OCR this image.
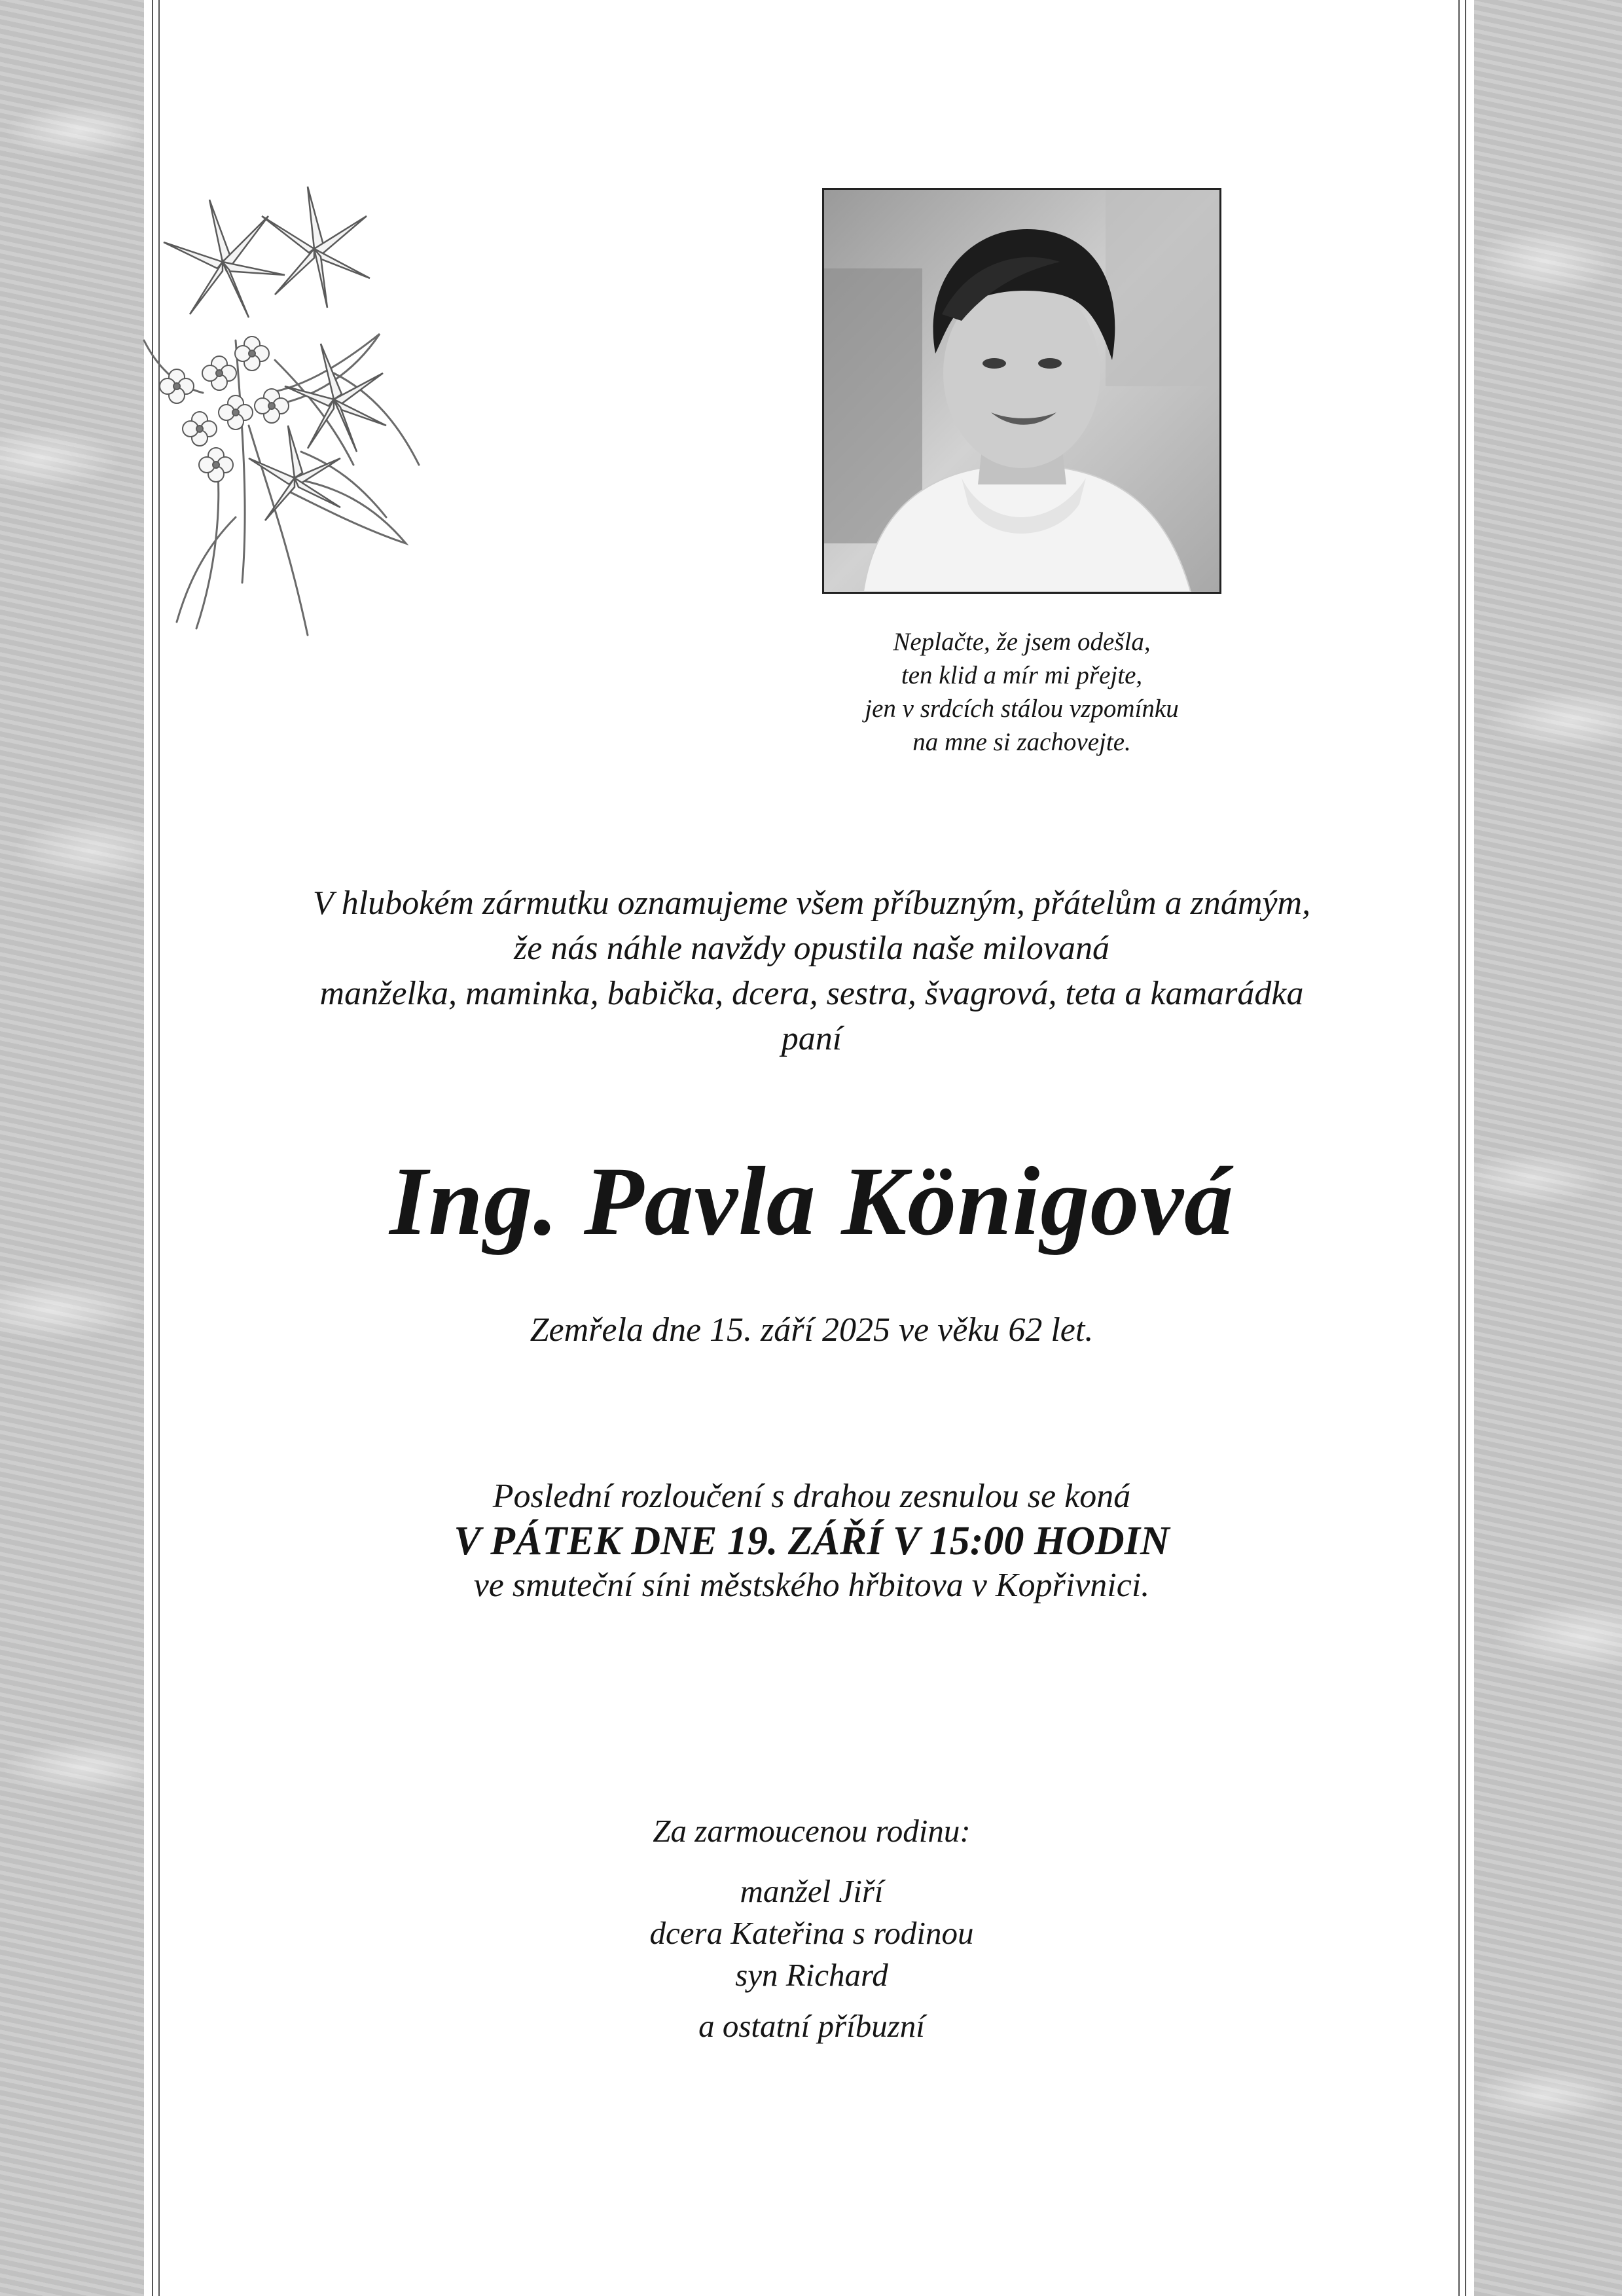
Neplačte, že jsem odešla,
ten klid a mír mi přejte,
jen v srdcích stálou vzpomínku
na mne si zachovejte.
V hlubokém zármutku oznamujeme všem příbuzným, přátelům a známým,
že nás náhle navždy opustila naše milovaná
manželka, maminka, babička, dcera, sestra, švagrová, teta a kamarádka
paní
Ing. Pavla Königová
Zemřela dne 15. září 2025 ve věku 62 let.
Poslední rozloučení s drahou zesnulou se koná
V PÁTEK DNE 19. ZÁŘÍ V 15:00 HODIN
ve smuteční síni městského hřbitova v Kopřivnici.
Za zarmoucenou rodinu:
manžel Jiří
dcera Kateřina s rodinou
syn Richard
a ostatní příbuzní
